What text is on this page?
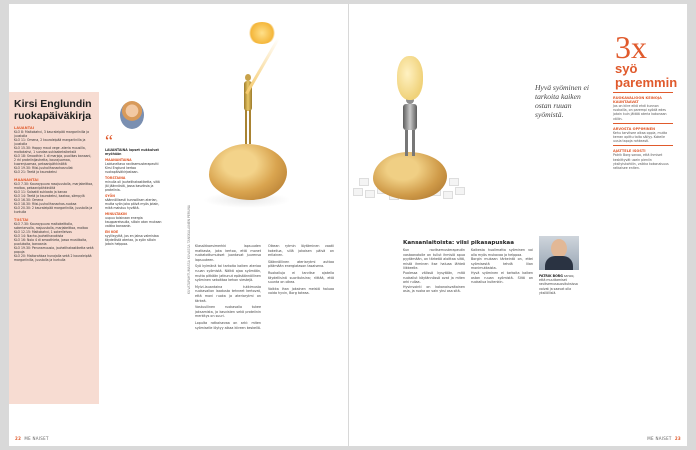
Kirsi Englundin
ruokapäiväkirja
LAUANTAI
KLO 8: Maitokahvi, 3 kauraleipää margariinilla ja juustolla
KLO 11: Omena, 2 kauraleipää margariinilla ja juustolla
KLO 15.30: Hoppy maut vege -ateria muusilla, maitokahvi, 1 sundae-suklaakeksikeksiä
KLO 18: Smoothie: 1 dl marjoja, puolikas banaani, 2 rkl proteiinijauhetta, kaurajuomaa, kuorenjuomaa, pekaanipähkinöitä
KLO 19.30: Riisi-juuholihanachosrullat
KLO 21: Teetä ja kaurakeksi
MAANANTAI
KLO 7.30: Kauraypuuro rasojuustolla, marjakeittoa, maitoa, pekaanipähkinöitä
KLO 11: Salaatti suklaata ja kanaa
KLO 14: Teetä ja kaurakeksi, kaakao, sämpylä
KLO 16.30: Omena
KLO 18.30: Riisi-juuholihanachos-ruokaa
KLO 20.30: 2 kauraleipää margariinilla, juustolla ja kurkulla
TIISTAI
KLO 7.30: Kauraypuuro maitokeittolla, sokeriarvolla, rasjuustolla, marjakeittoa, maitoa
KLO 12.15: Maitokahvi, 1 sokerileivos
KLO 14: Nacho-jauhelihavokista
KLO 16: Nolo 4 di smoothieta, jossa mustikoita, puolukoita, banaania
KLO 19.30: Perunamuusia, jauhelihakastiketta sekä papuja
KLO 20: Maitorahkaa hunajalla sekä 2 kauraleipää margariinilla, juustolla ja kurkulla
“
LAUANTAINA lapset nukkuivat myöhään
MAANANTAINA
Laiduneltava ravitsemusterapeutti Kirsi Englund kertoo ruokapäiväkirjastaan.
TORSTAINA
minulla oli jauhelihakastiketta, siitä jäi jäännöstä, jossa kasviksia ja proteiinia.
SYÖN
säännöllisesti kunnollisen aterian, mutta syön joka päivä myös jotain, mikä maistuu hyvältä.
MINULTAKIN
uupuu toisinaan energia kauppareissulla, silloin otan mukaan vaikka banaanin.
EN KOE
syyllisyyttä, jos en jaksa valmistaa täydellistä ateriaa, ja syön silloin jotain helppoa.	KUVATAPAHTUMASSA KUVASSA TANSKALAINEN PERUNA Klassikkoesimerkki lapsuuden matkasta, joka kertoo, että monet ruokatottumukset juontavat juurensa lapsuuteen.

Syö kylmänä tai tarkoita kaiken ateriaa ruuan syömistä. Nälkä ajaa syömään, mutta pitkään jatkunut epäsäännöllinen syöminen sekoittaa kehon viestejä.

Mylvi-lauantaina tutkimusta ruokavalion laadusta tehneet kertovat, että moni ruoka ja ateriarytmi on tärkeä.

Vastuullinen ruokavalio tukee jaksamista, ja kasvisten sekä proteiinin merkitys on suuri.

Lopulta ratkaisevaa on arki: miten syömiselle löytyy aikaa kiireen keskellä.

Oikean rytmin löytäminen vaatii kokeilua, sillä jokaisen päivä on erilainen.

Säännöllinen ateriarytmi auttaa pitämään energiatason tasaisena.

Ruokailuja ei tarvitse ajatella täydellisinä suorituksina; riittää, että suunta on oikea.

Vaikka ihan jokainen meistä haluaa voida hyvin, Borg toteaa.

22 ME NAISET
Hyvä syöminen ei tarkoita kaiken ostan ruuan syömistä.
3x
syö paremmin
RUOKAVALIOON KEINOJA KAUNTAAVAT
Jos on kiire eikä ehdi kunnon ruokailla, on parempi syödä edes jotain kuin jättää ateria kokonaan väliin.
ARVOSTA OPPIMINEN
Kehu tarvitsee aikaa oppia, mutta kerran opittu taito säilyy. Kokeile uusia tapoja rohkeasti.
AJATTELE ISOSTI
Patrik Borg sanoo, että ihmiset keskittyvät usein pieniin yksityiskohtiin, vaikka kokonaisuus ratkaisee eniten.
Kansanlaitoista: viisi pikasapuskaa

Kun ravitsemusterapeutin vastaanotolle on tullut ihmisiä apua pyytämään, on tärkeää aloittaa siitä, mistä ihminen itse haluaa lähteä liikkeelle.

Puolessa välissä kysytään, mitä ruokailut käytännössä ovat ja miten arki rullaa.

Hyvinvointi on kokonaisvaltainen asia, ja ruoka on vain yksi osa sitä.

Kaikesta huolimatta syöminen voi olla myös mukavaa ja helppoa.

Borgin mukaan tärkeintä on, ettei syömisestä tehdä liian monimutkaista.

Hyvä syöminen ei tarkoita kaiken ostan ruuan syömistä. Siitä on ruokailua kuitenkin.

PATRIK BORG sanoo, että muuttamiset ravitsemussuosituksissa voivat ja saavat olla yksilöllisiä.
ME NAISET 23
